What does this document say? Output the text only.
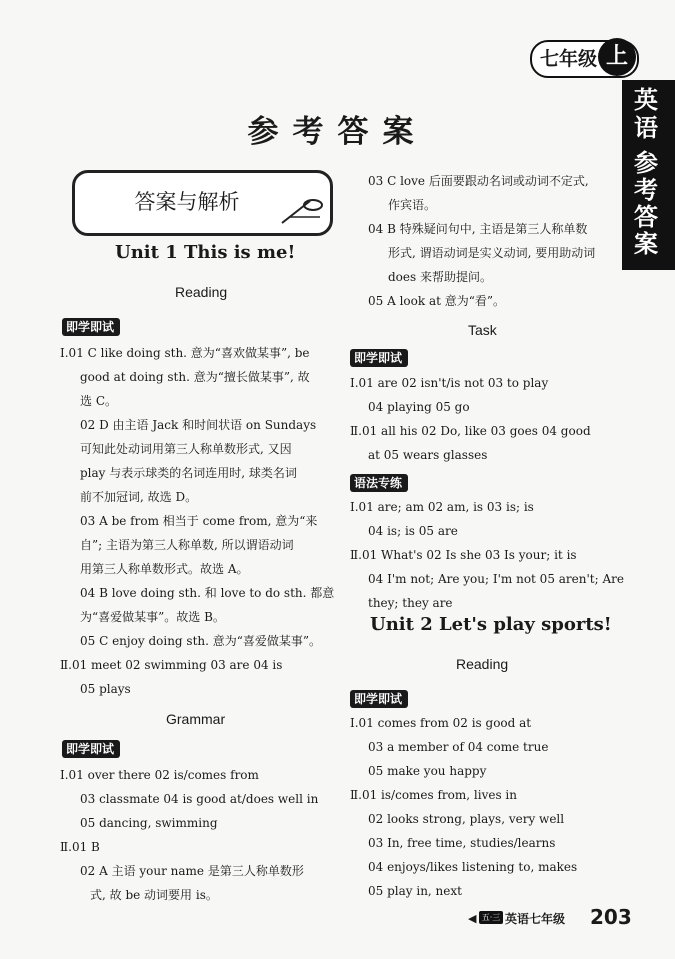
七年级 上
英语
参考答案
参考答案
答案与解析
Unit 1 This is me!
Reading
即学即试
Ⅰ.01 C like doing sth. 意为“喜欢做某事”, be
good at doing sth. 意为“擅长做某事”, 故
选 C。
02 D 由主语 Jack 和时间状语 on Sundays
可知此处动词用第三人称单数形式, 又因
play 与表示球类的名词连用时, 球类名词
前不加冠词, 故选 D。
03 A be from 相当于 come from, 意为“来
自”; 主语为第三人称单数, 所以谓语动词
用第三人称单数形式。故选 A。
04 B love doing sth. 和 love to do sth. 都意
为“喜爱做某事”。故选 B。
05 C enjoy doing sth. 意为“喜爱做某事”。
Ⅱ.01 meet 02 swimming 03 are 04 is
05 plays
Grammar
即学即试
Ⅰ.01 over there 02 is/comes from
03 classmate 04 is good at/does well in
05 dancing, swimming
Ⅱ.01 B
02 A 主语 your name 是第三人称单数形
式, 故 be 动词要用 is。
03 C love 后面要跟动名词或动词不定式,
作宾语。
04 B 特殊疑问句中, 主语是第三人称单数
形式, 谓语动词是实义动词, 要用助动词
does 来帮助提问。
05 A look at 意为“看”。
Task
即学即试
Ⅰ.01 are 02 isn't/is not 03 to play
04 playing 05 go
Ⅱ.01 all his 02 Do, like 03 goes 04 good
at 05 wears glasses
语法专练
Ⅰ.01 are; am 02 am, is 03 is; is
04 is; is 05 are
Ⅱ.01 What's 02 Is she 03 Is your; it is
04 I'm not; Are you; I'm not 05 aren't; Are
they; they are
Unit 2 Let's play sports!
Reading
即学即试
Ⅰ.01 comes from 02 is good at
03 a member of 04 come true
05 make you happy
Ⅱ.01 is/comes from, lives in
02 looks strong, plays, very well
03 In, free time, studies/learns
04 enjoys/likes listening to, makes
05 play in, next
◀ 五·三 英语七年级 203
